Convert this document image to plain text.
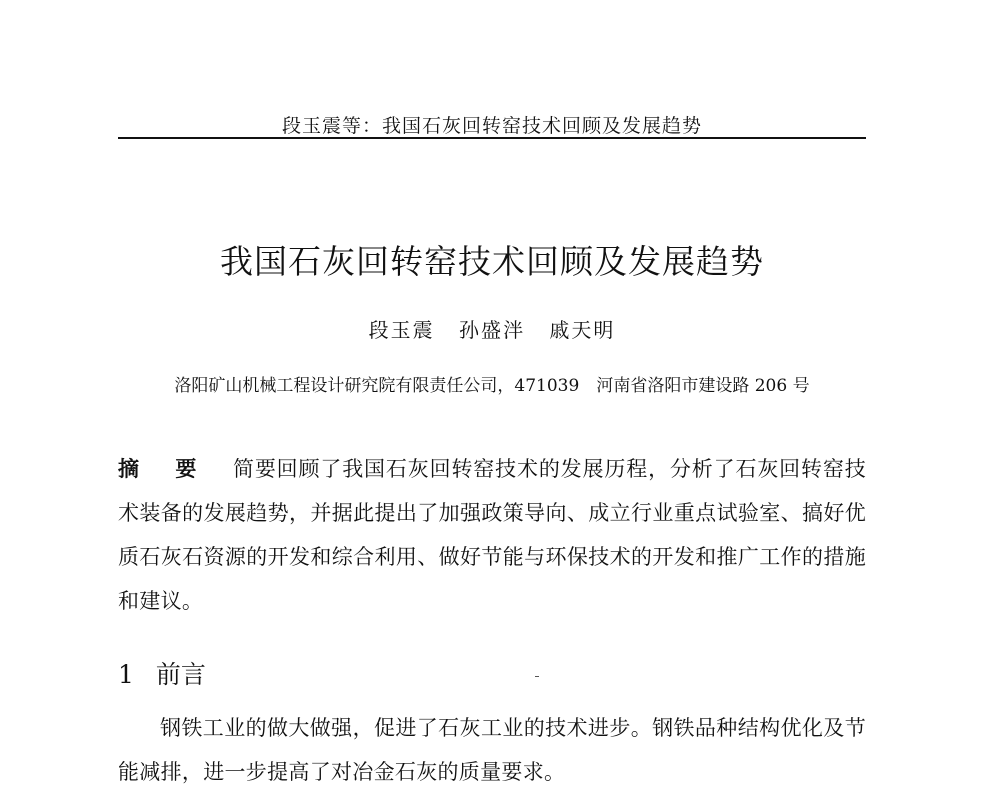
段玉震等：我国石灰回转窑技术回顾及发展趋势
我国石灰回转窑技术回顾及发展趋势
段玉震 孙盛泮 戚天明
洛阳矿山机械工程设计研究院有限责任公司，471039　河南省洛阳市建设路 206 号

摘 要 简要回顾了我国石灰回转窑技术的发展历程，分析了石灰回转窑技术装备的发展趋势，并据此提出了加强政策导向、成立行业重点试验室、搞好优质石灰石资源的开发和综合利用、做好节能与环保技术的开发和推广工作的措施和建议。

1 前言

钢铁工业的做大做强，促进了石灰工业的技术进步。钢铁品种结构优化及节能减排，进一步提高了对冶金石灰的质量要求。
